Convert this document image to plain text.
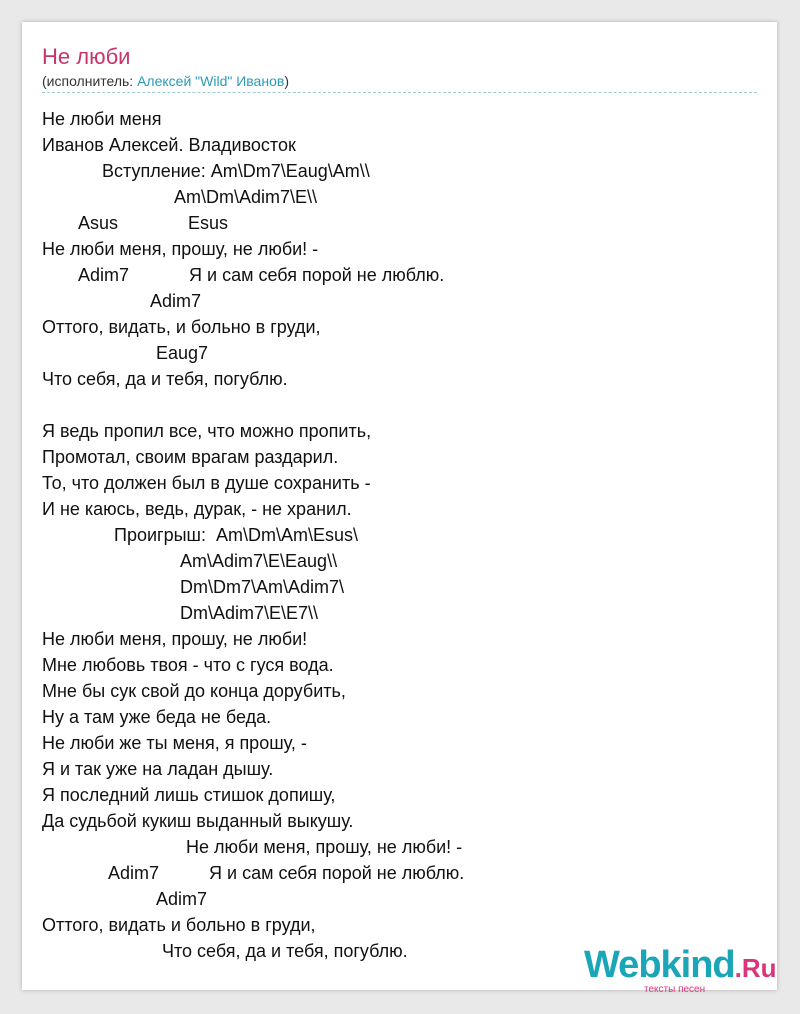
Не люби
(исполнитель: Алексей "Wild" Иванов)
Не люби меня
Иванов Алексей. Владивосток
Вступление: Am\Dm7\Eaug\Am\\
Am\Dm\Adim7\E\\
Asus              Esus
Не люби меня, прошу, не люби! -
Adim7            Я и сам себя порой не люблю.
Adim7
Оттого, видать, и больно в груди,
Eaug7
Что себя, да и тебя, погублю.
Я ведь пропил все, что можно пропить,
Промотал, своим врагам раздарил.
То, что должен был в душе сохранить -
И не каюсь, ведь, дурак, - не хранил.
Проигрыш:  Am\Dm\Am\Esus\
Am\Adim7\E\Eaug\\
Dm\Dm7\Am\Adim7\
Dm\Adim7\E\E7\\
Не люби меня, прошу, не люби!
Мне любовь твоя - что с гуся вода.
Мне бы сук свой до конца дорубить,
Ну а там уже беда не беда.
Не люби же ты меня, я прошу, -
Я и так уже на ладан дышу.
Я последний лишь стишок допишу,
Да судьбой кукиш выданный выкушу.
Не люби меня, прошу, не люби! -
Adim7          Я и сам себя порой не люблю.
Adim7
Оттого, видать и больно в груди,
Что себя, да и тебя, погублю.	Webkind.Ru
тексты песен
